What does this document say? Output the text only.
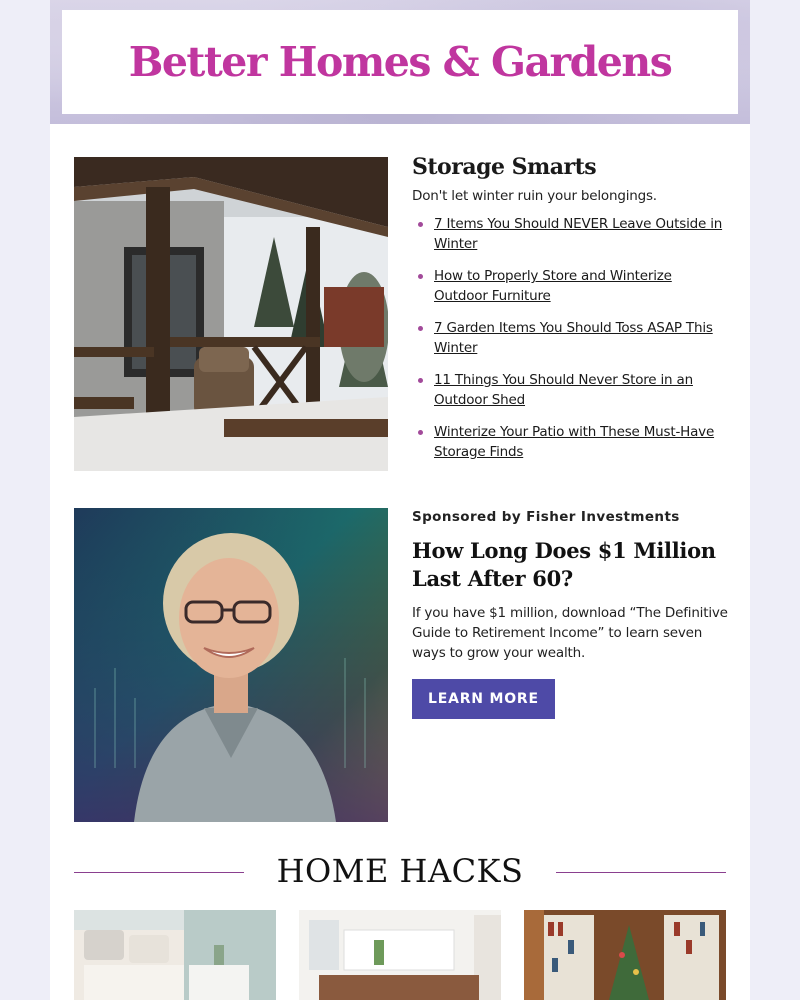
Better Homes & Gardens
Storage Smarts
Don't let winter ruin your belongings.
7 Items You Should NEVER Leave Outside in Winter
How to Properly Store and Winterize Outdoor Furniture
7 Garden Items You Should Toss ASAP This Winter
11 Things You Should Never Store in an Outdoor Shed
Winterize Your Patio with These Must-Have Storage Finds
Sponsored by Fisher Investments
How Long Does $1 Million Last After 60?
If you have $1 million, download “The Definitive Guide to Retirement Income” to learn seven ways to grow your wealth.
LEARN MORE
HOME HACKS
